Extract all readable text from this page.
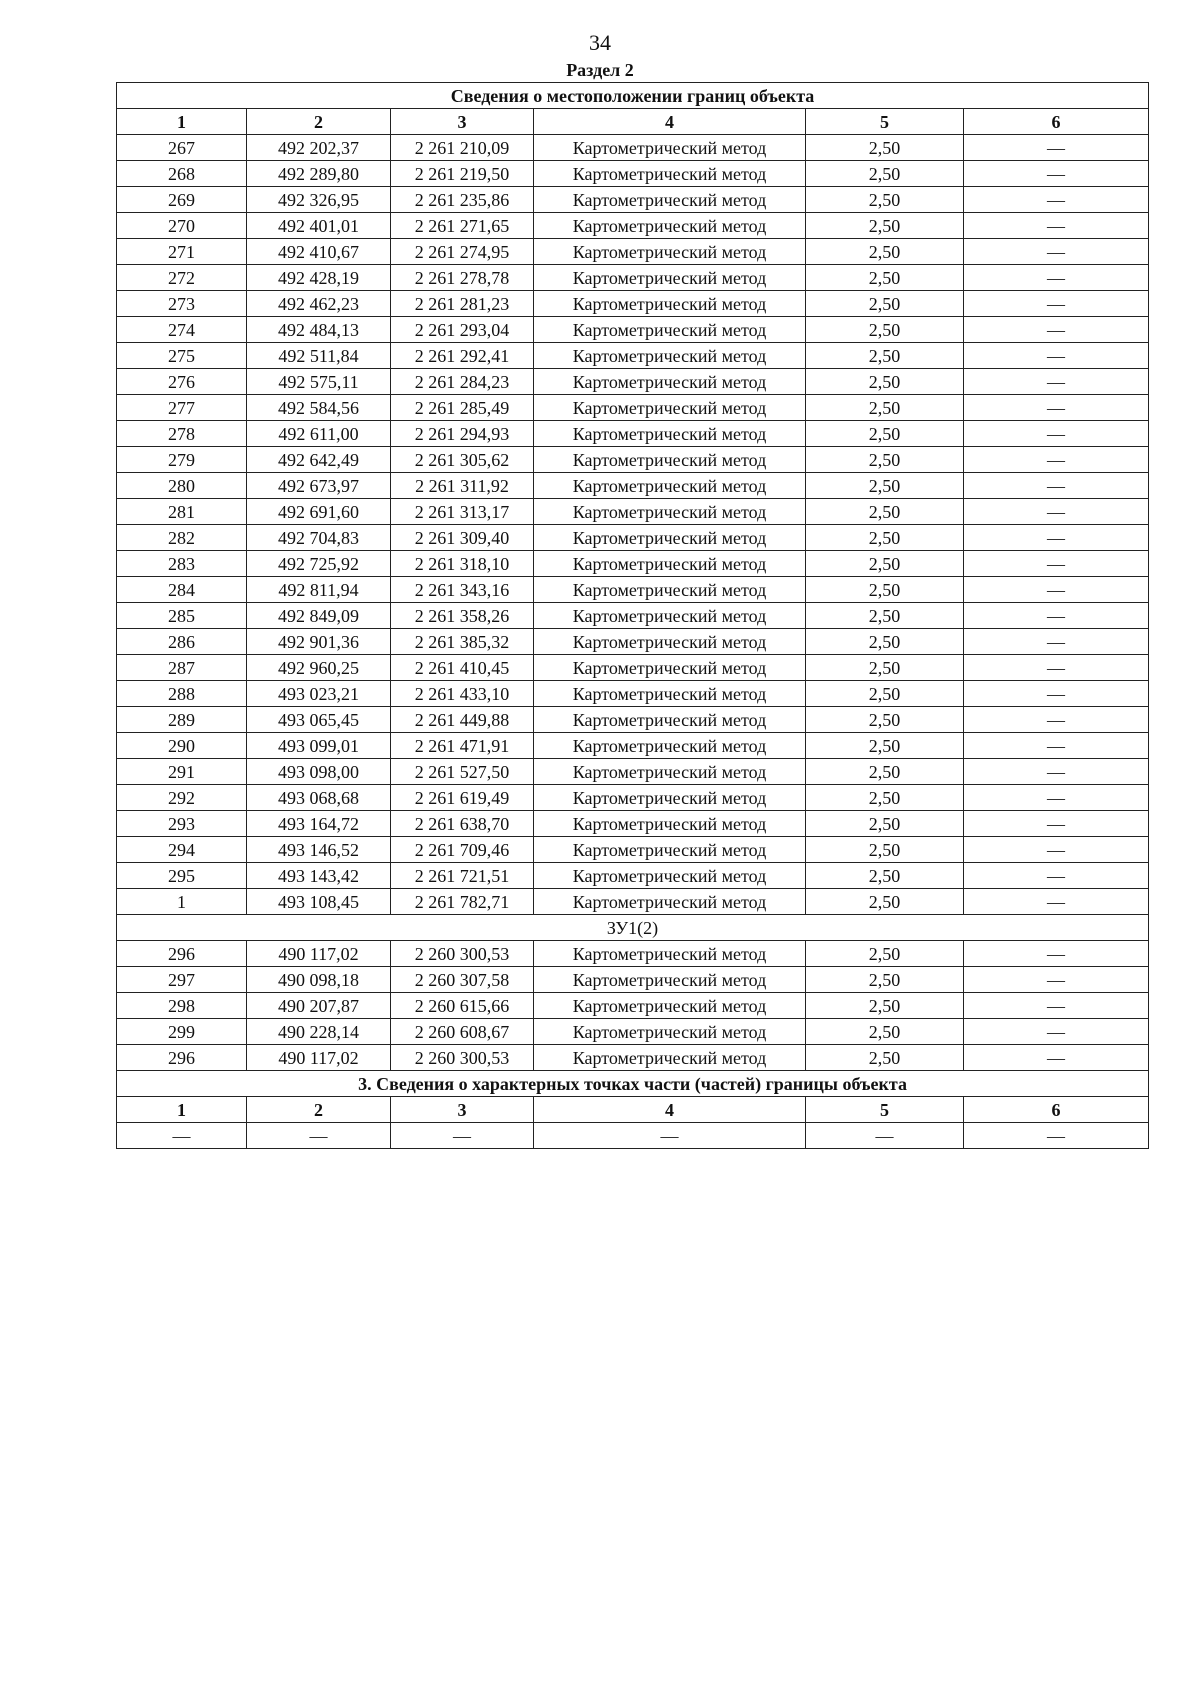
34
Раздел 2
Сведения о местоположении границ объекта					
1	2	3	4	5	6
267	492 202,37	2 261 210,09	Картометрический метод	2,50	—
268	492 289,80	2 261 219,50	Картометрический метод	2,50	—
269	492 326,95	2 261 235,86	Картометрический метод	2,50	—
270	492 401,01	2 261 271,65	Картометрический метод	2,50	—
271	492 410,67	2 261 274,95	Картометрический метод	2,50	—
272	492 428,19	2 261 278,78	Картометрический метод	2,50	—
273	492 462,23	2 261 281,23	Картометрический метод	2,50	—
274	492 484,13	2 261 293,04	Картометрический метод	2,50	—
275	492 511,84	2 261 292,41	Картометрический метод	2,50	—
276	492 575,11	2 261 284,23	Картометрический метод	2,50	—
277	492 584,56	2 261 285,49	Картометрический метод	2,50	—
278	492 611,00	2 261 294,93	Картометрический метод	2,50	—
279	492 642,49	2 261 305,62	Картометрический метод	2,50	—
280	492 673,97	2 261 311,92	Картометрический метод	2,50	—
281	492 691,60	2 261 313,17	Картометрический метод	2,50	—
282	492 704,83	2 261 309,40	Картометрический метод	2,50	—
283	492 725,92	2 261 318,10	Картометрический метод	2,50	—
284	492 811,94	2 261 343,16	Картометрический метод	2,50	—
285	492 849,09	2 261 358,26	Картометрический метод	2,50	—
286	492 901,36	2 261 385,32	Картометрический метод	2,50	—
287	492 960,25	2 261 410,45	Картометрический метод	2,50	—
288	493 023,21	2 261 433,10	Картометрический метод	2,50	—
289	493 065,45	2 261 449,88	Картометрический метод	2,50	—
290	493 099,01	2 261 471,91	Картометрический метод	2,50	—
291	493 098,00	2 261 527,50	Картометрический метод	2,50	—
292	493 068,68	2 261 619,49	Картометрический метод	2,50	—
293	493 164,72	2 261 638,70	Картометрический метод	2,50	—
294	493 146,52	2 261 709,46	Картометрический метод	2,50	—
295	493 143,42	2 261 721,51	Картометрический метод	2,50	—
1	493 108,45	2 261 782,71	Картометрический метод	2,50	—
ЗУ1(2)					
296	490 117,02	2 260 300,53	Картометрический метод	2,50	—
297	490 098,18	2 260 307,58	Картометрический метод	2,50	—
298	490 207,87	2 260 615,66	Картометрический метод	2,50	—
299	490 228,14	2 260 608,67	Картометрический метод	2,50	—
296	490 117,02	2 260 300,53	Картометрический метод	2,50	—
3. Сведения о характерных точках части (частей) границы объекта					
1	2	3	4	5	6
—	—	—	—	—	—
